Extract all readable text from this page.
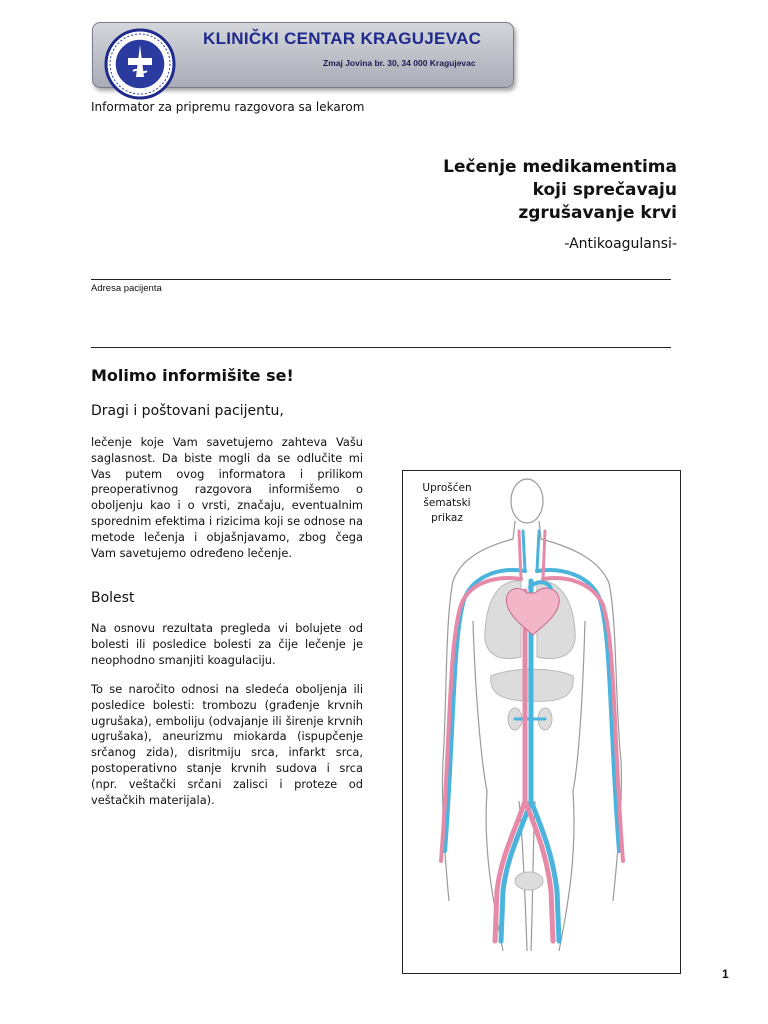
KLINIČKI CENTAR KRAGUJEVAC
Zmaj Jovina br. 30, 34 000 Kragujevac
Informator za pripremu razgovora sa lekarom
Lečenje medikamentima
koji sprečavaju
zgrušavanje krvi
-Antikoagulansi-
Adresa pacijenta
Molimo informišite se!
Dragi i poštovani pacijentu,
lečenje koje Vam savetujemo zahteva Vašu saglasnost. Da biste mogli da se odlučite mi Vas putem ovog informatora i prilikom preoperativnog razgovora informišemo o oboljenju kao i o vrsti, značaju, eventualnim sporednim efektima i rizicima koji se odnose na metode lečenja i objašnjavamo, zbog čega Vam savetujemo određeno lečenje.
Bolest
Na osnovu rezultata pregleda vi bolujete od bolesti ili posledice bolesti za čije lečenje je neophodno smanjiti koagulaciju.
To se naročito odnosi na sledeća oboljenja ili posledice bolesti: trombozu (građenje krvnih ugrušaka), emboliju (odvajanje ili širenje krvnih ugrušaka), aneurizmu miokarda (ispupčenje srčanog zida), disritmiju srca, infarkt srca, postoperativno stanje krvnih sudova i srca (npr. veštački srčani zalisci i proteze od veštačkih materijala).
Uprošćen
šematski
prikaz
1
